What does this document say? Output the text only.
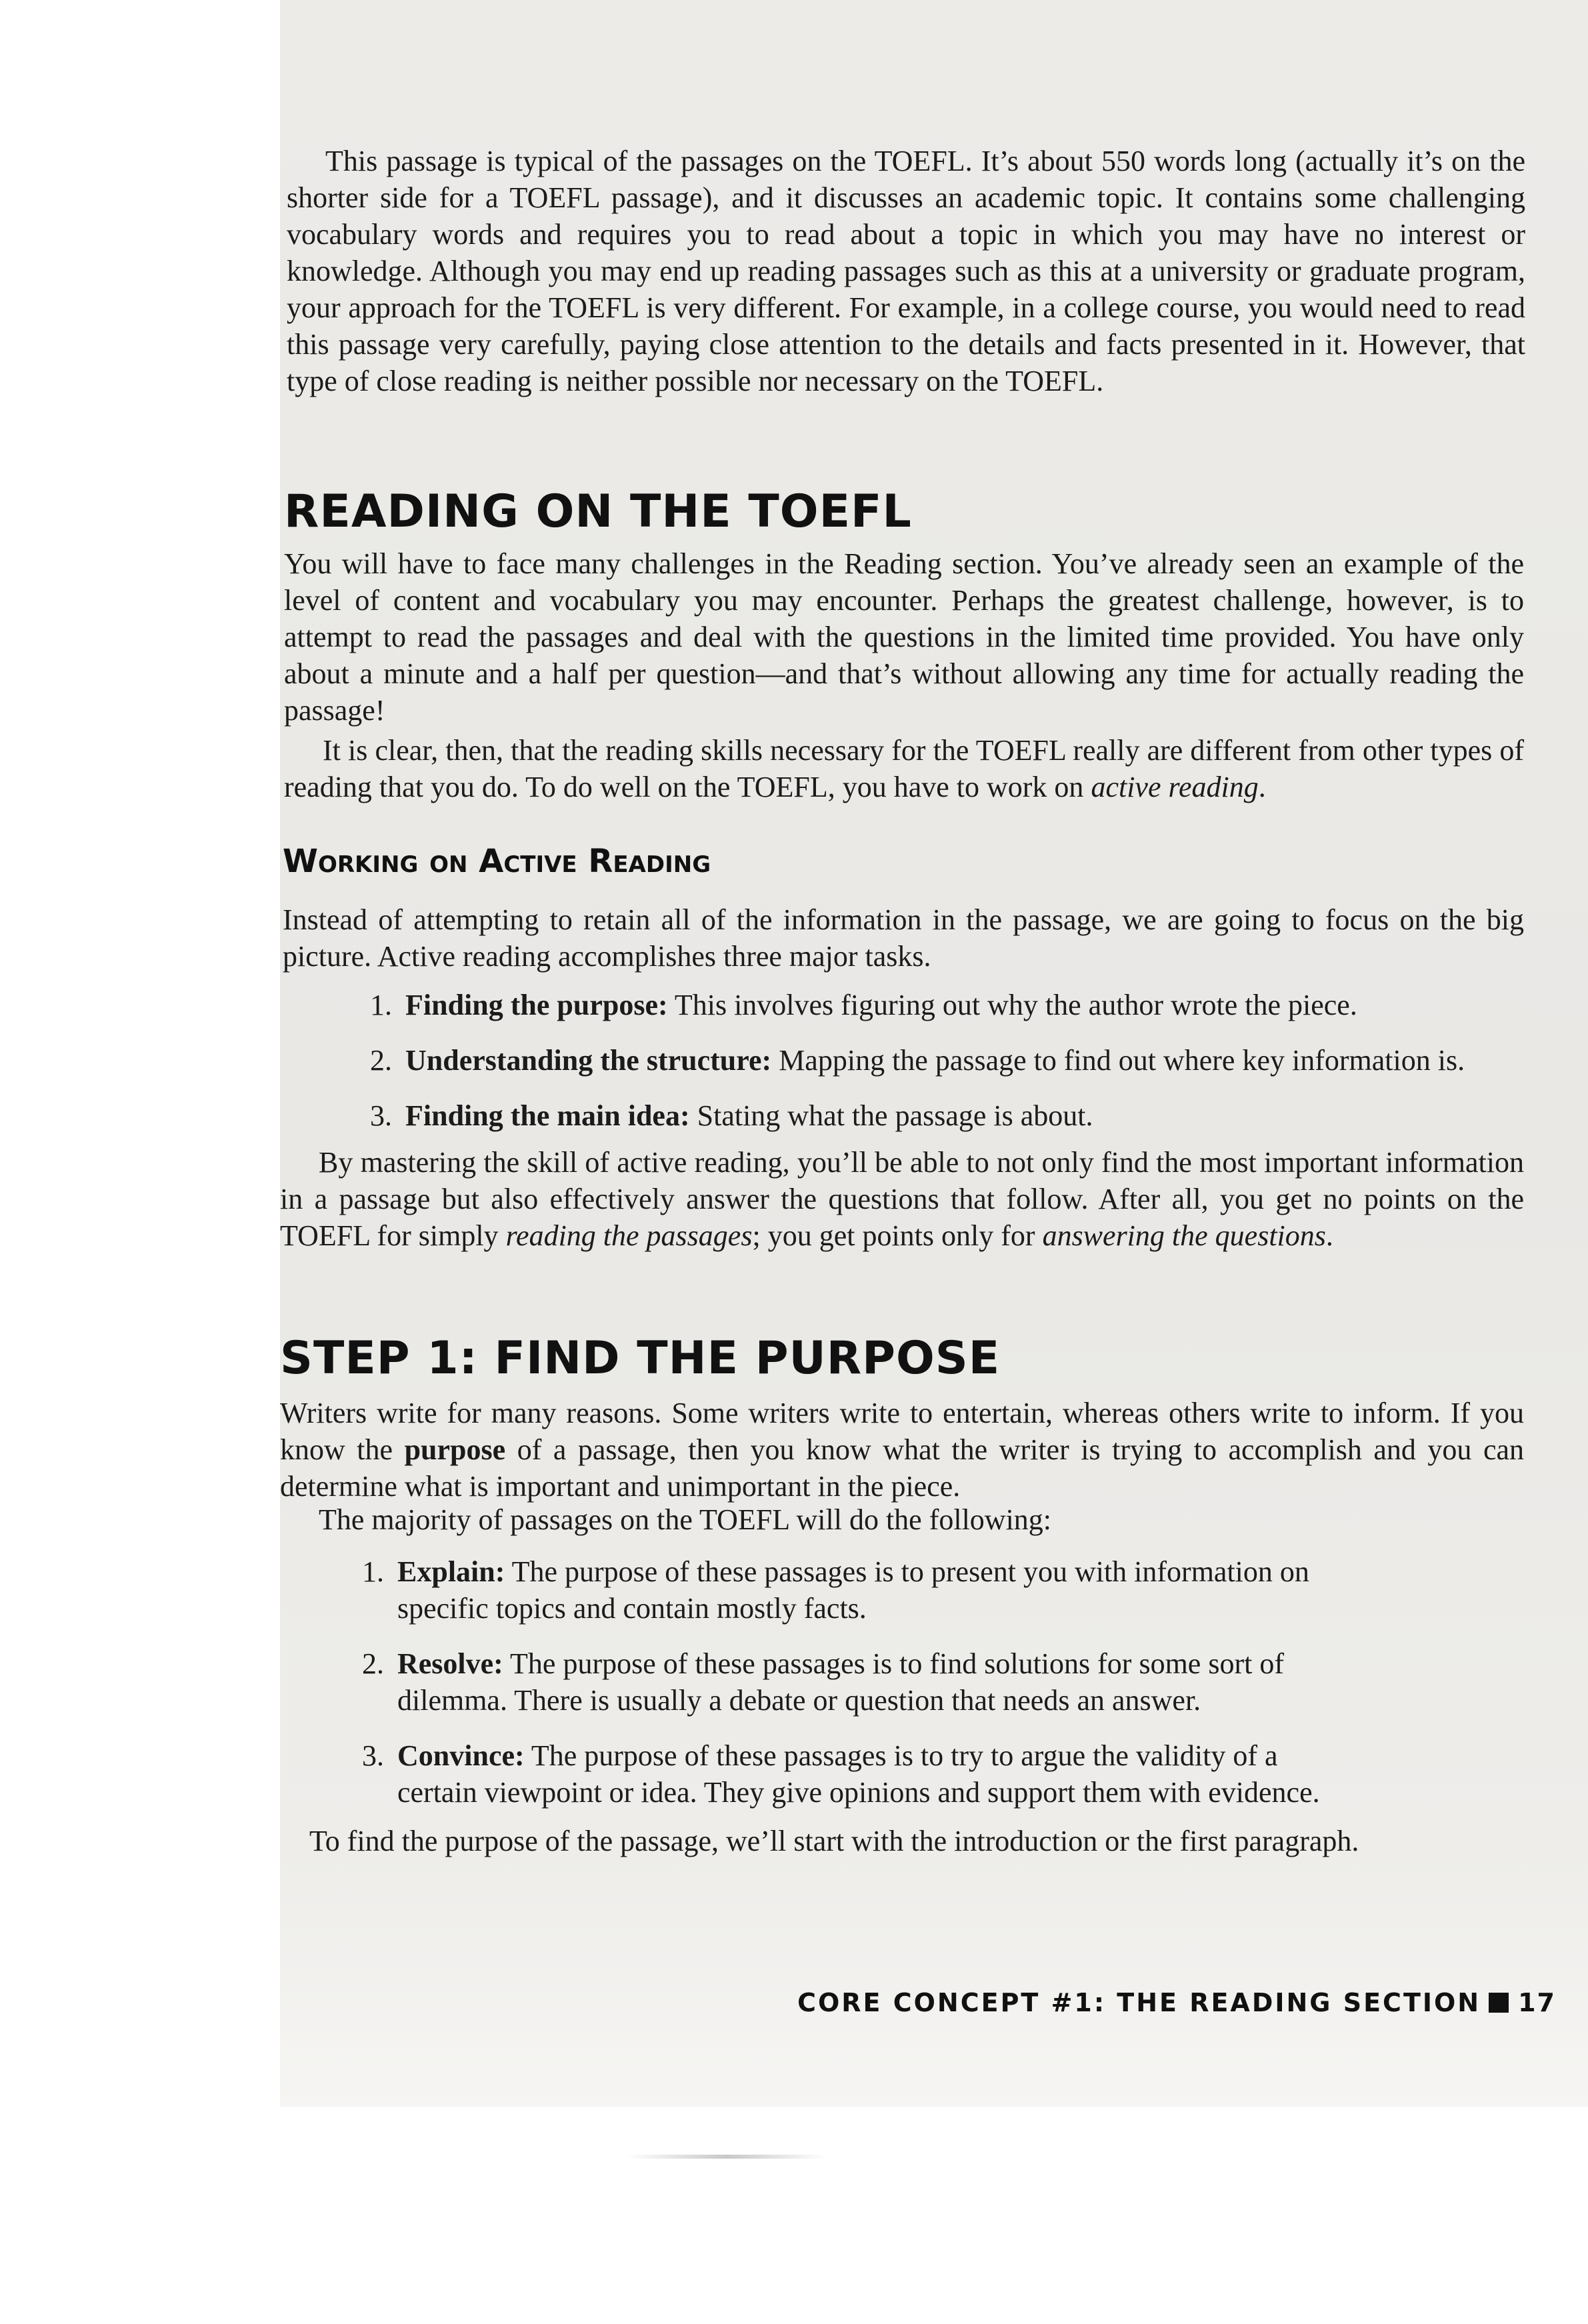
This passage is typical of the passages on the TOEFL. It’s about 550 words long (actually it’s on the shorter side for a TOEFL passage), and it discusses an academic topic. It contains some challenging vocabulary words and requires you to read about a topic in which you may have no interest or knowledge. Although you may end up reading passages such as this at a university or graduate program, your approach for the TOEFL is very different. For example, in a college course, you would need to read this passage very carefully, paying close attention to the details and facts presented in it. However, that type of close reading is neither possible nor necessary on the TOEFL.

READING ON THE TOEFL

You will have to face many challenges in the Reading section. You’ve already seen an example of the level of content and vocabulary you may encounter. Perhaps the greatest challenge, however, is to attempt to read the passages and deal with the questions in the limited time provided. You have only about a minute and a half per question—and that’s without allowing any time for actually reading the passage!

It is clear, then, that the reading skills necessary for the TOEFL really are different from other types of reading that you do. To do well on the TOEFL, you have to work on active reading.

Working on Active Reading

Instead of attempting to retain all of the information in the passage, we are going to focus on the big picture. Active reading accomplishes three major tasks.

1. Finding the purpose: This involves figuring out why the author wrote the piece.
2. Understanding the structure: Mapping the passage to find out where key information is.
3. Finding the main idea: Stating what the passage is about.

By mastering the skill of active reading, you’ll be able to not only find the most important information in a passage but also effectively answer the questions that follow. After all, you get no points on the TOEFL for simply reading the passages; you get points only for answering the questions.

STEP 1: FIND THE PURPOSE

Writers write for many reasons. Some writers write to entertain, whereas others write to inform. If you know the purpose of a passage, then you know what the writer is trying to accomplish and you can determine what is important and unimportant in the piece.

The majority of passages on the TOEFL will do the following:

1. Explain: The purpose of these passages is to present you with information on specific topics and contain mostly facts.
2. Resolve: The purpose of these passages is to find solutions for some sort of dilemma. There is usually a debate or question that needs an answer.
3. Convince: The purpose of these passages is to try to argue the validity of a certain viewpoint or idea. They give opinions and support them with evidence.

To find the purpose of the passage, we’ll start with the introduction or the first paragraph.

CORE CONCEPT #1: THE READING SECTION 17
